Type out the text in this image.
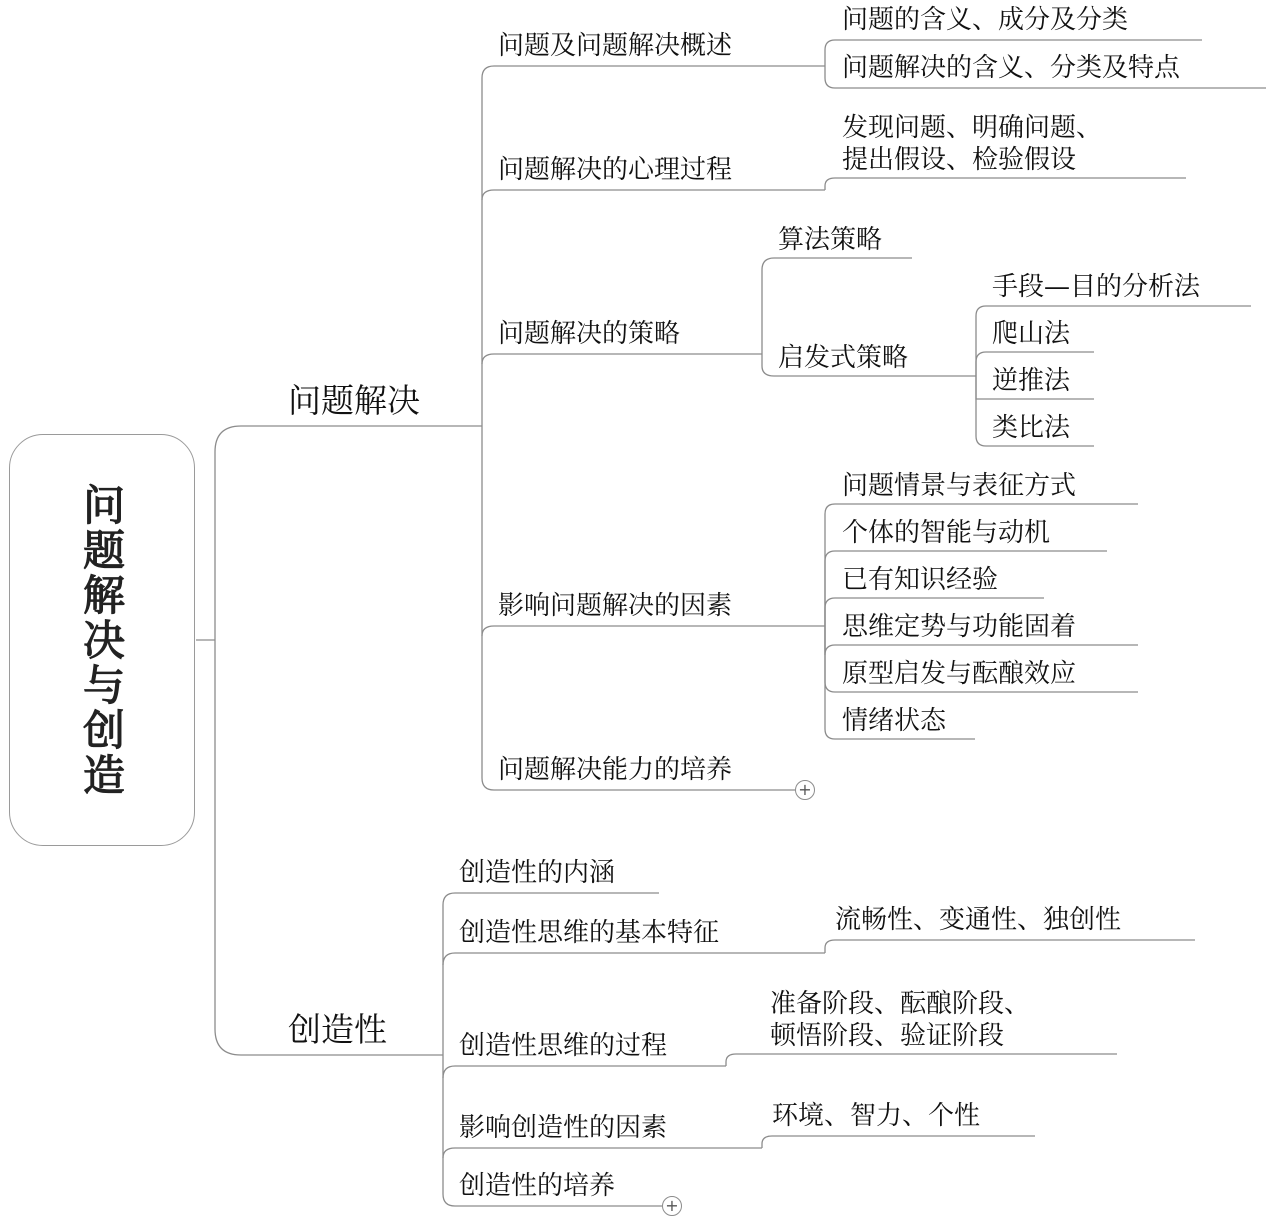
问题解决与创造
问题解决
创造性
问题及问题解决概述
问题解决的心理过程
问题解决的策略
影响问题解决的因素
问题解决能力的培养
+
问题的含义、成分及分类
问题解决的含义、分类及特点
发现问题、明确问题、
提出假设、检验假设
算法策略
启发式策略
手段—目的分析法
爬山法
逆推法
类比法
问题情景与表征方式
个体的智能与动机
已有知识经验
思维定势与功能固着
原型启发与酝酿效应
情绪状态
创造性的内涵
创造性思维的基本特征
创造性思维的过程
影响创造性的因素
创造性的培养
+
流畅性、变通性、独创性
准备阶段、酝酿阶段、
顿悟阶段、验证阶段
环境、智力、个性
